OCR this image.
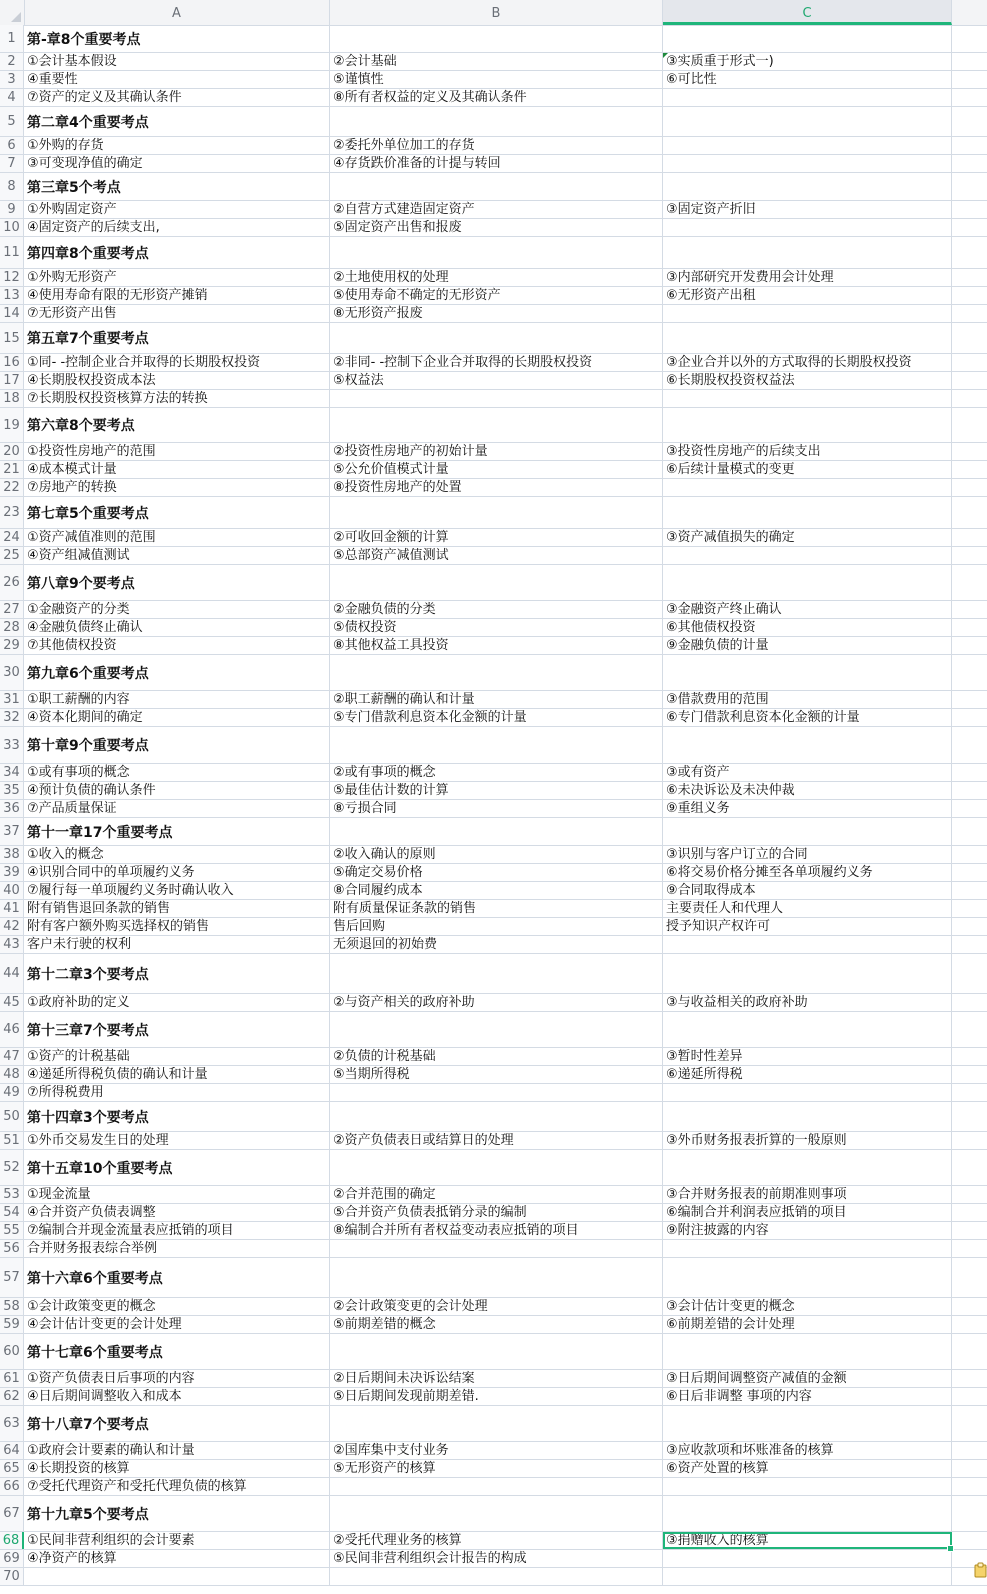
A	B	C
1 第-章8个重要考点
2 ①会计基本假设	②会计基础	③实质重于形式一)
3 ④重要性	⑤谨慎性	⑥可比性
4 ⑦资产的定义及其确认条件	⑧所有者权益的定义及其确认条件
5 第二章4个重要考点
6 ①外购的存货	②委托外单位加工的存货
7 ③可变现净值的确定	④存货跌价准备的计提与转回
8 第三章5个考点
9 ①外购固定资产	②自营方式建造固定资产	③固定资产折旧
10 ④固定资产的后续支出,	⑤固定资产出售和报废
11 第四章8个重要考点
12 ①外购无形资产	②土地使用权的处理	③内部研究开发费用会计处理
13 ④使用寿命有限的无形资产摊销	⑤使用寿命不确定的无形资产	⑥无形资产出租
14 ⑦无形资产出售	⑧无形资产报废
15 第五章7个重要考点
16 ①同- -控制企业合并取得的长期股权投资	②非同- -控制下企业合并取得的长期股权投资	③企业合并以外的方式取得的长期股权投资
17 ④长期股权投资成本法	⑤权益法	⑥长期股权投资权益法
18 ⑦长期股权投资核算方法的转换
19 第六章8个要考点
20 ①投资性房地产的范围	②投资性房地产的初始计量	③投资性房地产的后续支出
21 ④成本模式计量	⑤公允价值模式计量	⑥后续计量模式的变更
22 ⑦房地产的转换	⑧投资性房地产的处置
23 第七章5个重要考点
24 ①资产减值准则的范围	②可收回金额的计算	③资产减值损失的确定
25 ④资产组减值测试	⑤总部资产减值测试
26 第八章9个要考点
27 ①金融资产的分类	②金融负债的分类	③金融资产终止确认
28 ④金融负债终止确认	⑤债权投资	⑥其他债权投资
29 ⑦其他债权投资	⑧其他权益工具投资	⑨金融负债的计量
30 第九章6个重要考点
31 ①职工薪酬的内容	②职工薪酬的确认和计量	③借款费用的范围
32 ④资本化期间的确定	⑤专门借款利息资本化金额的计量	⑥专门借款利息资本化金额的计量
33 第十章9个重要考点
34 ①或有事项的概念	②或有事项的概念	③或有资产
35 ④预计负债的确认条件	⑤最佳估计数的计算	⑥未决诉讼及未决仲裁
36 ⑦产品质量保证	⑧亏损合同	⑨重组义务
37 第十一章17个重要考点
38 ①收入的概念	②收入确认的原则	③识别与客户订立的合同
39 ④识别合同中的单项履约义务	⑤确定交易价格	⑥将交易价格分摊至各单项履约义务
40 ⑦履行每一单项履约义务时确认收入	⑧合同履约成本	⑨合同取得成本
41 附有销售退回条款的销售	附有质量保证条款的销售	主要责任人和代理人
42 附有客户额外购买选择权的销售	售后回购	授予知识产权许可
43 客户未行驶的权利	无须退回的初始费
44 第十二章3个要考点
45 ①政府补助的定义	②与资产相关的政府补助	③与收益相关的政府补助
46 第十三章7个要考点
47 ①资产的计税基础	②负债的计税基础	③暂时性差异
48 ④递延所得税负债的确认和计量	⑤当期所得税	⑥递延所得税
49 ⑦所得税费用
50 第十四章3个要考点
51 ①外币交易发生日的处理	②资产负债表日或结算日的处理	③外币财务报表折算的一般原则
52 第十五章10个重要考点
53 ①现金流量	②合并范围的确定	③合并财务报表的前期准则事项
54 ④合并资产负债表调整	⑤合并资产负债表抵销分录的编制	⑥编制合并利润表应抵销的项目
55 ⑦编制合并现金流量表应抵销的项目	⑧编制合并所有者权益变动表应抵销的项目	⑨附注披露的内容
56 合并财务报表综合举例
57 第十六章6个重要考点
58 ①会计政策变更的概念	②会计政策变更的会计处理	③会计估计变更的概念
59 ④会计估计变更的会计处理	⑤前期差错的概念	⑥前期差错的会计处理
60 第十七章6个重要考点
61 ①资产负债表日后事项的内容	②日后期间未决诉讼结案	③日后期间调整资产减值的金额
62 ④日后期间调整收入和成本	⑤日后期间发现前期差错.	⑥日后非调整 事项的内容
63 第十八章7个要考点
64 ①政府会计要素的确认和计量	②国库集中支付业务	③应收款项和坏账准备的核算
65 ④长期投资的核算	⑤无形资产的核算	⑥资产处置的核算
66 ⑦受托代理资产和受托代理负债的核算
67 第十九章5个要考点
68 ①民间非营利组织的会计要素	②受托代理业务的核算	③捐赠收入的核算
69 ④净资产的核算	⑤民间非营利组织会计报告的构成
70
